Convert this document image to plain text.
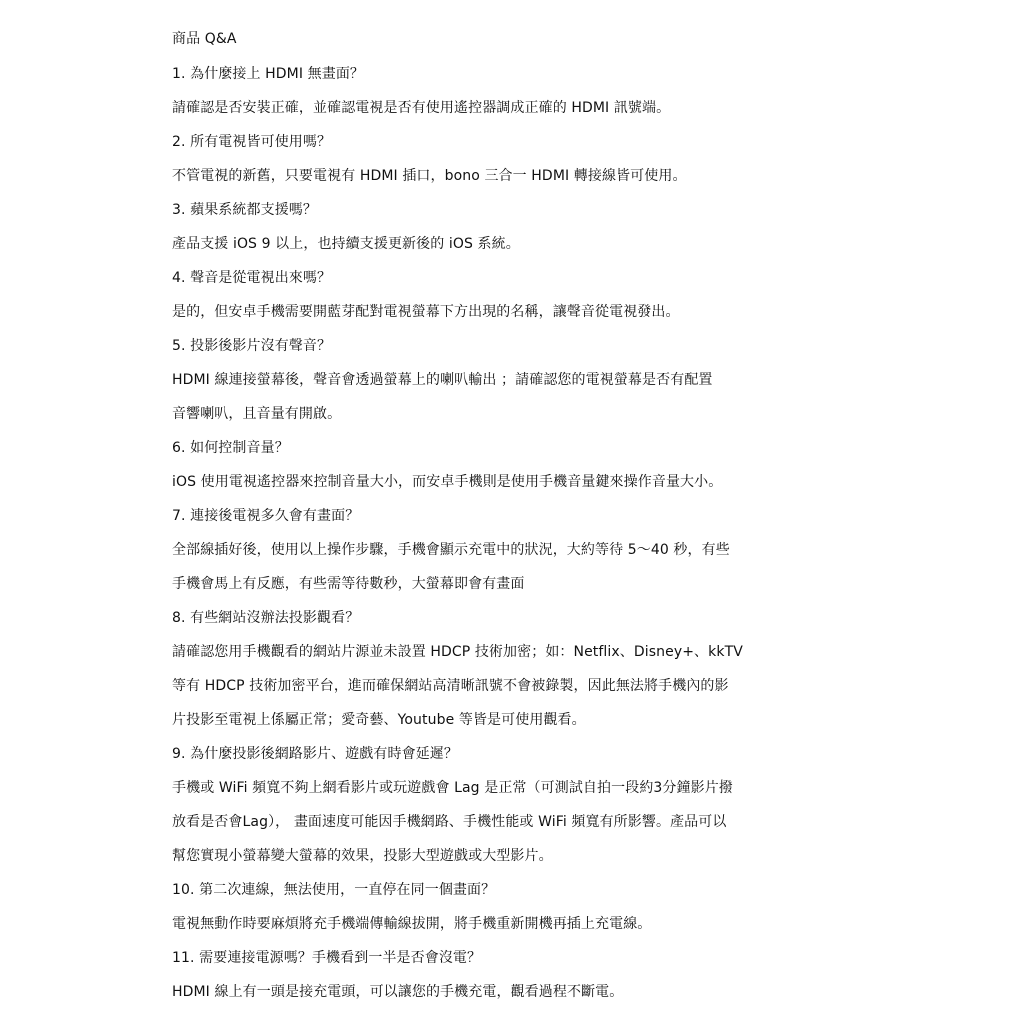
商品 Q&A
1. 為什麼接上 HDMI 無畫面？
請確認是否安裝正確，並確認電視是否有使用遙控器調成正確的 HDMI 訊號端。
2. 所有電視皆可使用嗎？
不管電視的新舊，只要電視有 HDMI 插口，bono 三合一 HDMI 轉接線皆可使用。
3. 蘋果系統都支援嗎？
產品支援 iOS 9 以上，也持續支援更新後的 iOS 系統。
4. 聲音是從電視出來嗎？
是的，但安卓手機需要開藍芽配對電視螢幕下方出現的名稱，讓聲音從電視發出。
5. 投影後影片沒有聲音？
HDMI 線連接螢幕後，聲音會透過螢幕上的喇叭輸出 ；請確認您的電視螢幕是否有配置
音響喇叭，且音量有開啟。
6. 如何控制音量？
iOS 使用電視遙控器來控制音量大小，而安卓手機則是使用手機音量鍵來操作音量大小。
7. 連接後電視多久會有畫面？
全部線插好後，使用以上操作步驟，手機會顯示充電中的狀況，大約等待 5～40 秒，有些
手機會馬上有反應，有些需等待數秒，大螢幕即會有畫面
8. 有些網站沒辦法投影觀看？
請確認您用手機觀看的網站片源並未設置 HDCP 技術加密；如：Netflix、Disney+、kkTV
等有 HDCP 技術加密平台，進而確保網站高清晰訊號不會被錄製，因此無法將手機內的影
片投影至電視上係屬正常；愛奇藝、Youtube 等皆是可使用觀看。
9. 為什麼投影後網路影片、遊戲有時會延遲？
手機或 WiFi 頻寬不夠上網看影片或玩遊戲會 Lag 是正常（可測試自拍一段約3分鐘影片撥
放看是否會Lag）， 畫面速度可能因手機網路、手機性能或 WiFi 頻寬有所影響。產品可以
幫您實現小螢幕變大螢幕的效果，投影大型遊戲或大型影片。
10. 第二次連線，無法使用，一直停在同一個畫面？
電視無動作時要麻煩將充手機端傳輸線拔開，將手機重新開機再插上充電線。
11. 需要連接電源嗎？手機看到一半是否會沒電？
HDMI 線上有一頭是接充電頭，可以讓您的手機充電，觀看過程不斷電。
